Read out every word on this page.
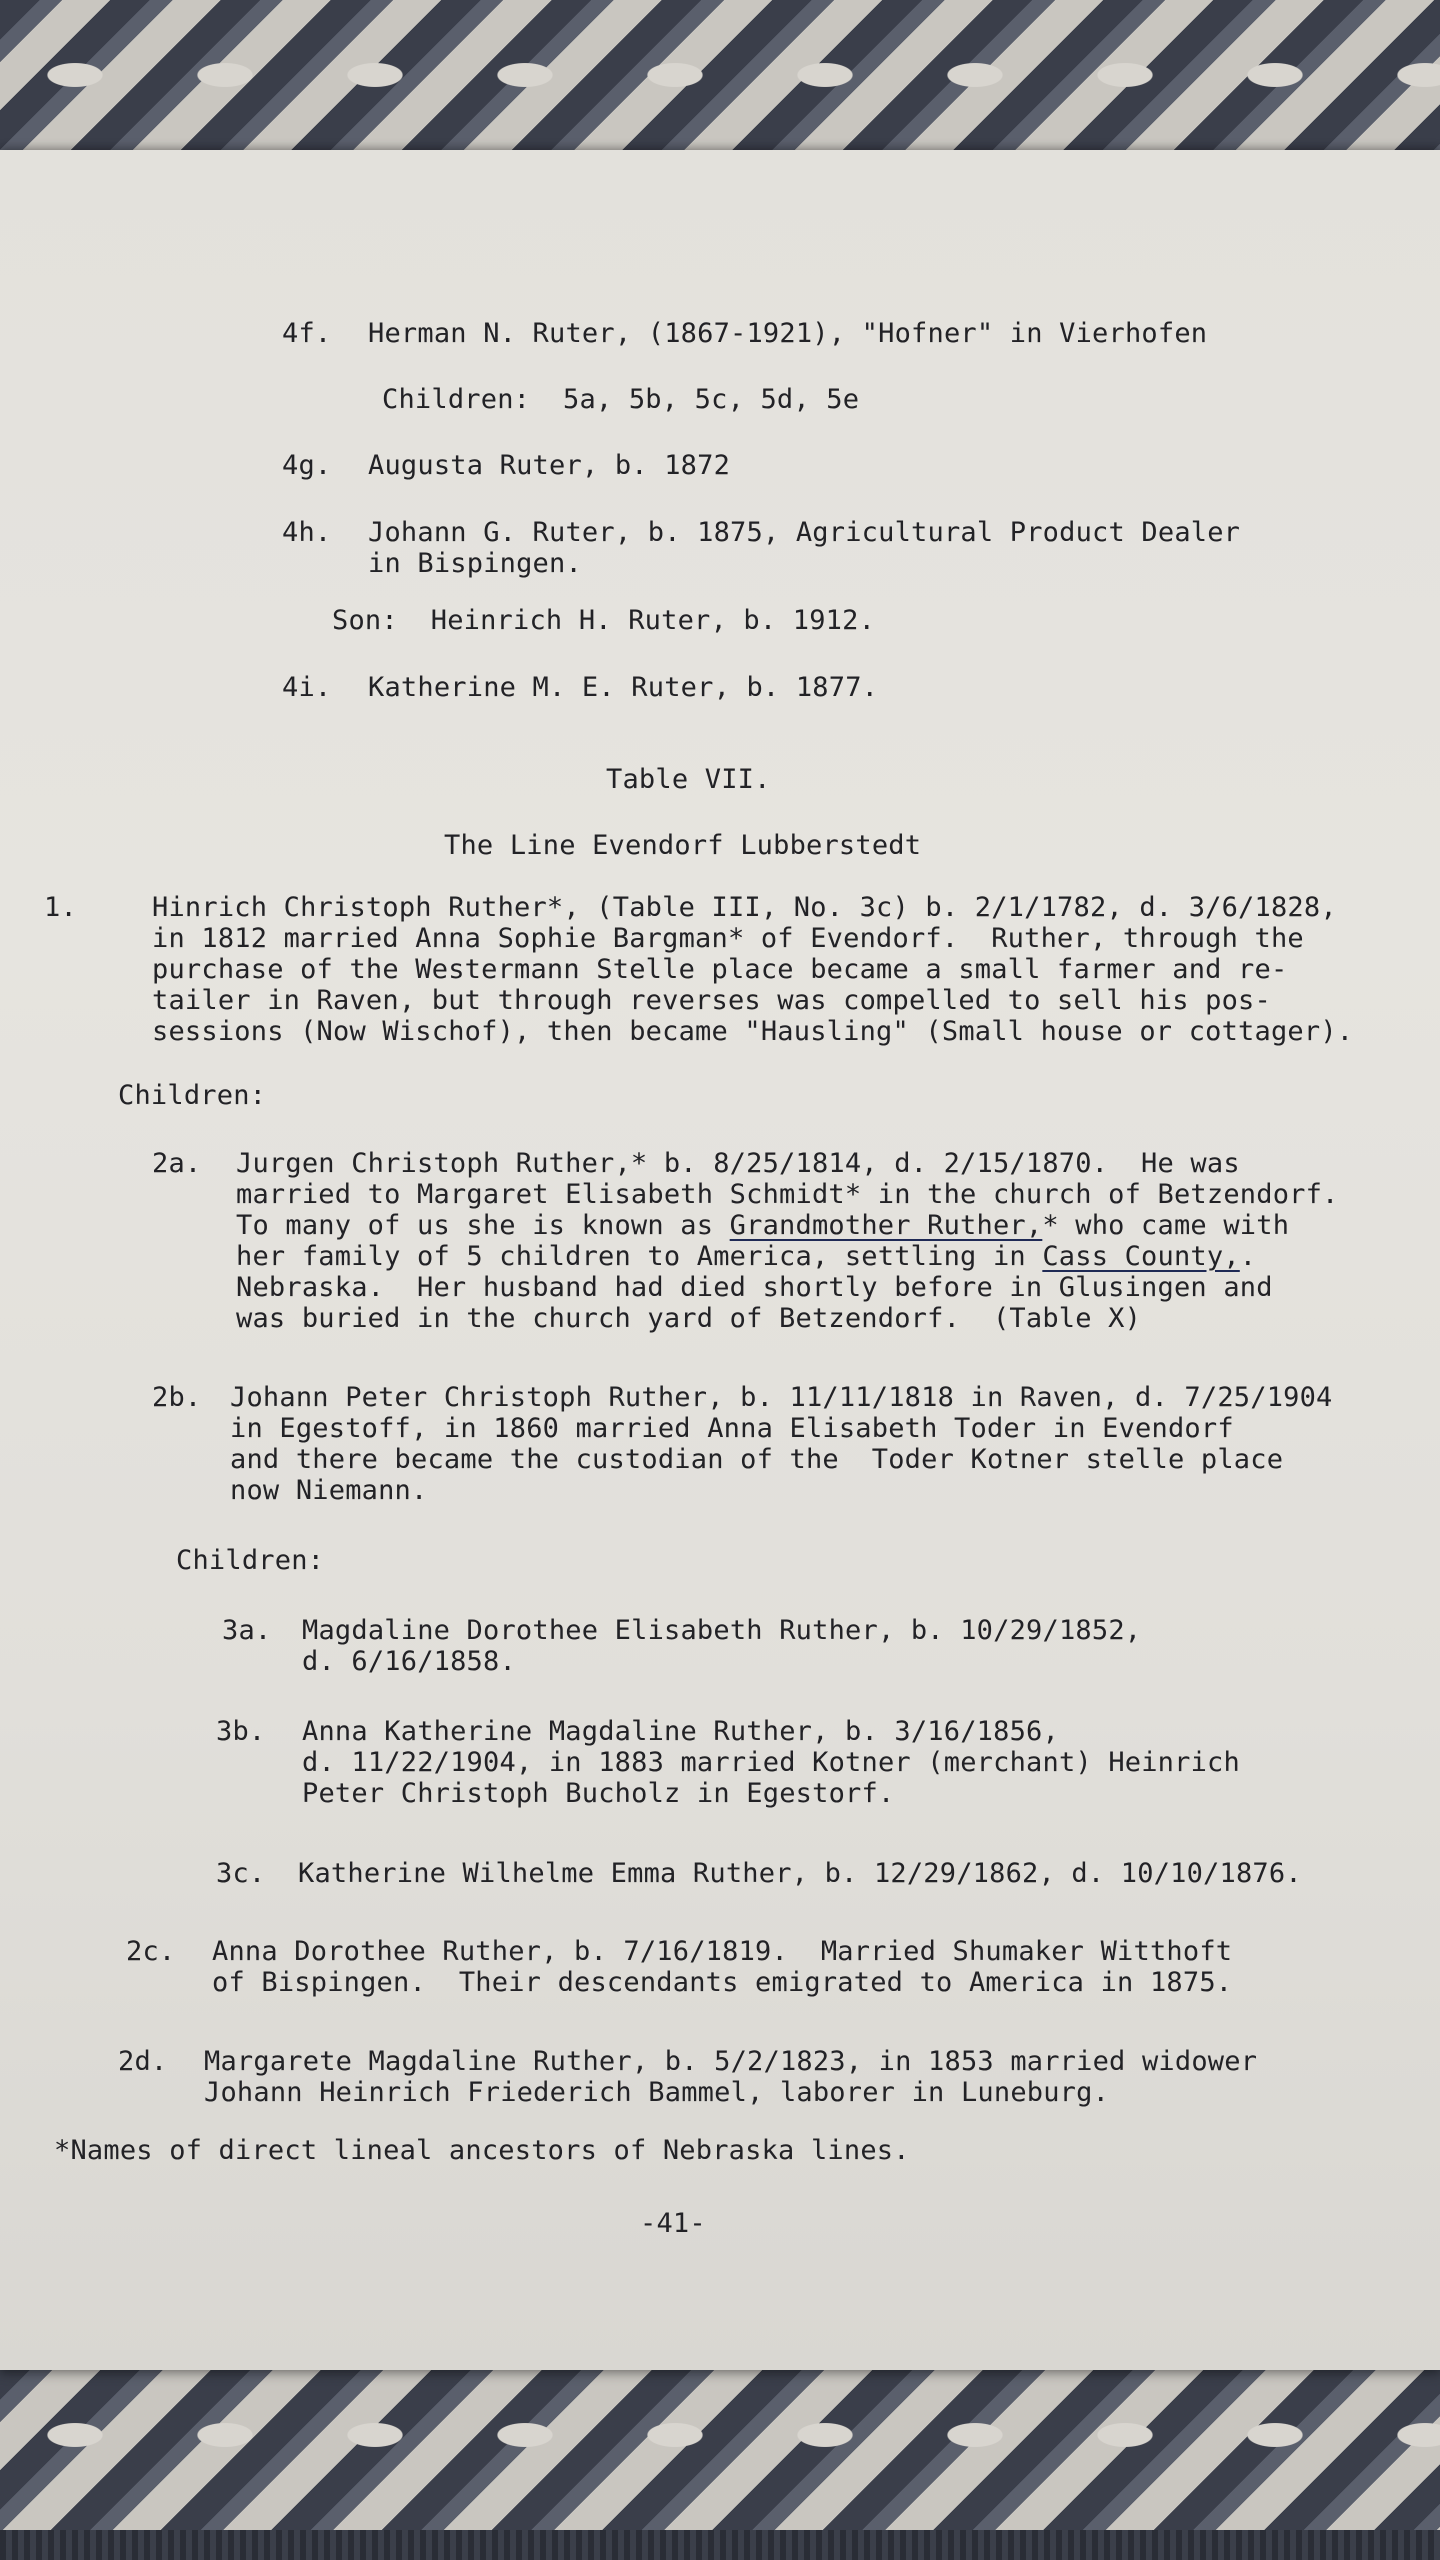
4f. Herman N. Ruter, (1867-1921), "Hofner" in Vierhofen

Children:  5a, 5b, 5c, 5d, 5e

4g. Augusta Ruter, b. 1872

4h. Johann G. Ruter, b. 1875, Agricultural Product Dealer

in Bispingen.

Son:  Heinrich H. Ruter, b. 1912.

4i. Katherine M. E. Ruter, b. 1877.

Table VII.

The Line Evendorf Lubberstedt

1.	Hinrich Christoph Ruther*, (Table III, No. 3c) b. 2/1/1782, d. 3/6/1828,

in 1812 married Anna Sophie Bargman* of Evendorf.  Ruther, through the

purchase of the Westermann Stelle place became a small farmer and re-

tailer in Raven, but through reverses was compelled to sell his pos-

sessions (Now Wischof), then became "Hausling" (Small house or cottager).

Children:

2a. Jurgen Christoph Ruther,* b. 8/25/1814, d. 2/15/1870.  He was

married to Margaret Elisabeth Schmidt* in the church of Betzendorf.

To many of us she is known as Grandmother Ruther,* who came with

her family of 5 children to America, settling in Cass County,.

Nebraska.  Her husband had died shortly before in Glusingen and

was buried in the church yard of Betzendorf.  (Table X)

2b. Johann Peter Christoph Ruther, b. 11/11/1818 in Raven, d. 7/25/1904

in Egestoff, in 1860 married Anna Elisabeth Toder in Evendorf

and there became the custodian of the  Toder Kotner stelle place

now Niemann.

Children:

3a. Magdaline Dorothee Elisabeth Ruther, b. 10/29/1852,

d. 6/16/1858.

3b. Anna Katherine Magdaline Ruther, b. 3/16/1856,

d. 11/22/1904, in 1883 married Kotner (merchant) Heinrich

Peter Christoph Bucholz in Egestorf.

3c. Katherine Wilhelme Emma Ruther, b. 12/29/1862, d. 10/10/1876.

2c. Anna Dorothee Ruther, b. 7/16/1819.  Married Shumaker Witthoft

of Bispingen.  Their descendants emigrated to America in 1875.

2d. Margarete Magdaline Ruther, b. 5/2/1823, in 1853 married widower

Johann Heinrich Friederich Bammel, laborer in Luneburg.

*Names of direct lineal ancestors of Nebraska lines.

-41-
